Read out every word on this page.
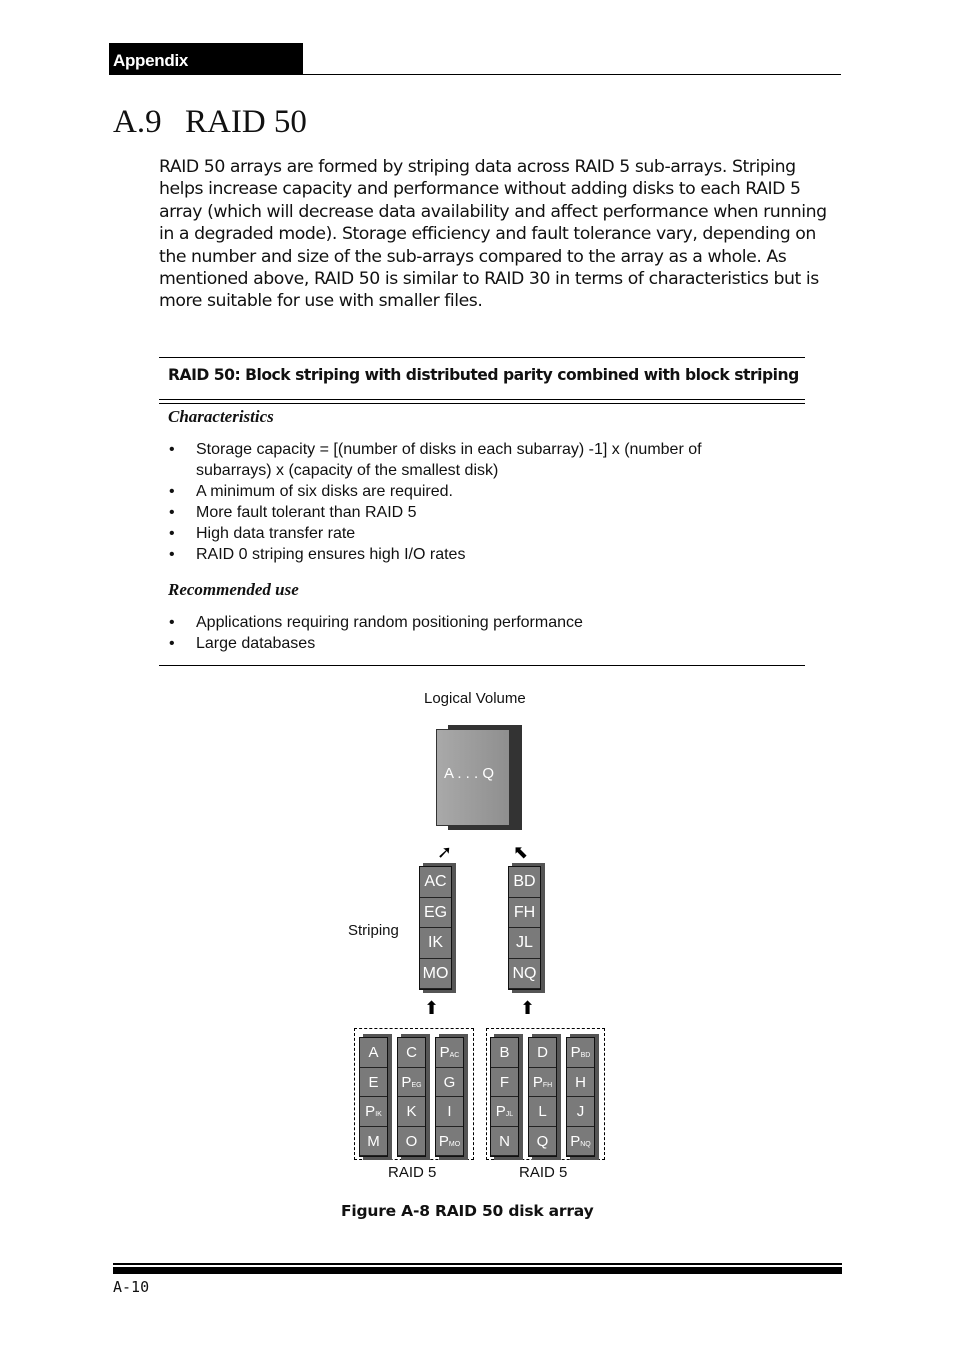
Appendix
A.9 RAID 50
RAID 50 arrays are formed by striping data across RAID 5 sub-arrays. Striping helps increase capacity and performance without adding disks to each RAID 5 array (which will decrease data availability and affect performance when running in a degraded mode). Storage efficiency and fault tolerance vary, depending on the number and size of the sub-arrays compared to the array as a whole. As mentioned above, RAID 50 is similar to RAID 30 in terms of characteristics but is more suitable for use with smaller files.
RAID 50: Block striping with distributed parity combined with block striping
Characteristics
• Storage capacity = [(number of disks in each subarray) -1] x (number of subarrays) x (capacity of the smallest disk)
• A minimum of six disks are required.
• More fault tolerant than RAID 5
• High data transfer rate
• RAID 0 striping ensures high I/O rates
Recommended use
• Applications requiring random positioning performance
• Large databases
Logical Volume
A . . . Q
➚	⬉
Striping
AC
EG
IK
MO
BD
FH
JL
NQ
⬆	⬆
A
E
PIK
M
C
PEG
K
O
PAC
G
I
PMO
B
F
PJL
N
D
PFH
L
Q
PBD
H
J
PNQ
RAID 5	RAID 5
Figure A-8 RAID 50 disk array
A-10
